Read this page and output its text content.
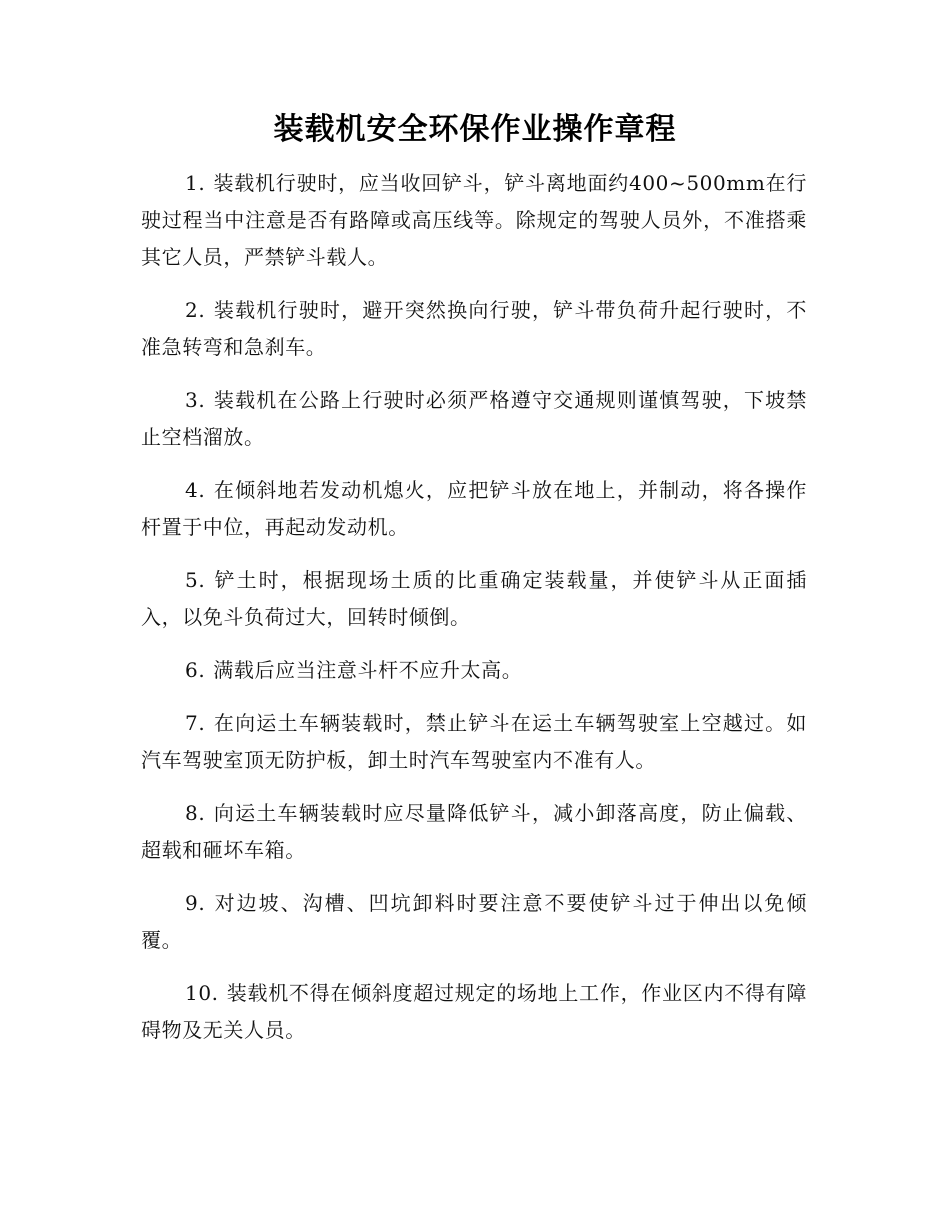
装载机安全环保作业操作章程

1. 装载机行驶时，应当收回铲斗，铲斗离地面约400~500mm在行驶过程当中注意是否有路障或高压线等。除规定的驾驶人员外，不准搭乘其它人员，严禁铲斗载人。

2. 装载机行驶时，避开突然换向行驶，铲斗带负荷升起行驶时，不准急转弯和急刹车。

3. 装载机在公路上行驶时必须严格遵守交通规则谨慎驾驶，下坡禁止空档溜放。

4. 在倾斜地若发动机熄火，应把铲斗放在地上，并制动，将各操作杆置于中位，再起动发动机。

5. 铲土时，根据现场土质的比重确定装载量，并使铲斗从正面插入，以免斗负荷过大，回转时倾倒。

6. 满载后应当注意斗杆不应升太高。

7. 在向运土车辆装载时，禁止铲斗在运土车辆驾驶室上空越过。如汽车驾驶室顶无防护板，卸土时汽车驾驶室内不准有人。

8. 向运土车辆装载时应尽量降低铲斗，减小卸落高度，防止偏载、超载和砸坏车箱。

9. 对边坡、沟槽、凹坑卸料时要注意不要使铲斗过于伸出以免倾覆。

10. 装载机不得在倾斜度超过规定的场地上工作，作业区内不得有障碍物及无关人员。
